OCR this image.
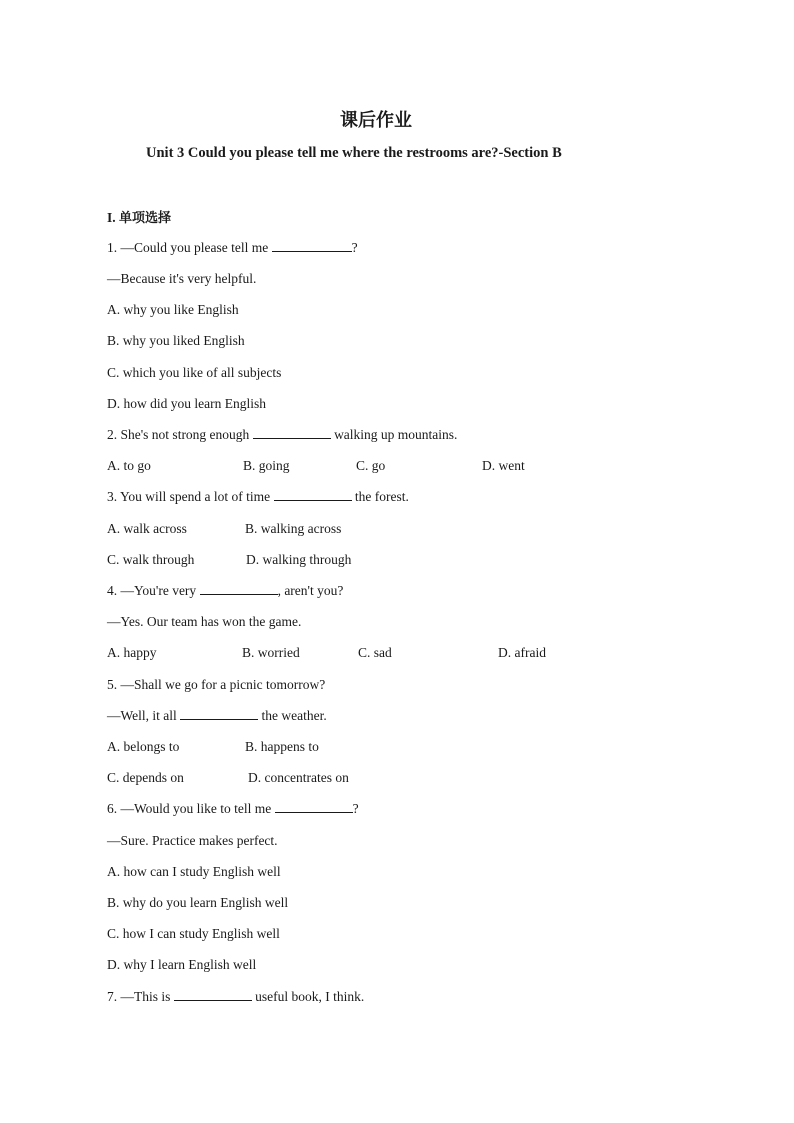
课后作业
Unit 3 Could you please tell me where the restrooms are?-Section B
I. 单项选择
1. —Could you please tell me	?
—Because it's very helpful.
A. why you like English
B. why you liked English
C. which you like of all subjects
D. how did you learn English
2. She's not strong enough	walking up mountains.
A. to go	B. going	C. go	D. went
3. You will spend a lot of time	the forest.
A. walk across	B. walking across
C. walk through	D. walking through
4. —You're very	, aren't you?
—Yes. Our team has won the game.
A. happy	B. worried	C. sad	D. afraid
5. —Shall we go for a picnic tomorrow?
—Well, it all	the weather.
A. belongs to	B. happens to
C. depends on	D. concentrates on
6. —Would you like to tell me	?
—Sure. Practice makes perfect.
A. how can I study English well
B. why do you learn English well
C. how I can study English well
D. why I learn English well
7. —This is	useful book, I think.
